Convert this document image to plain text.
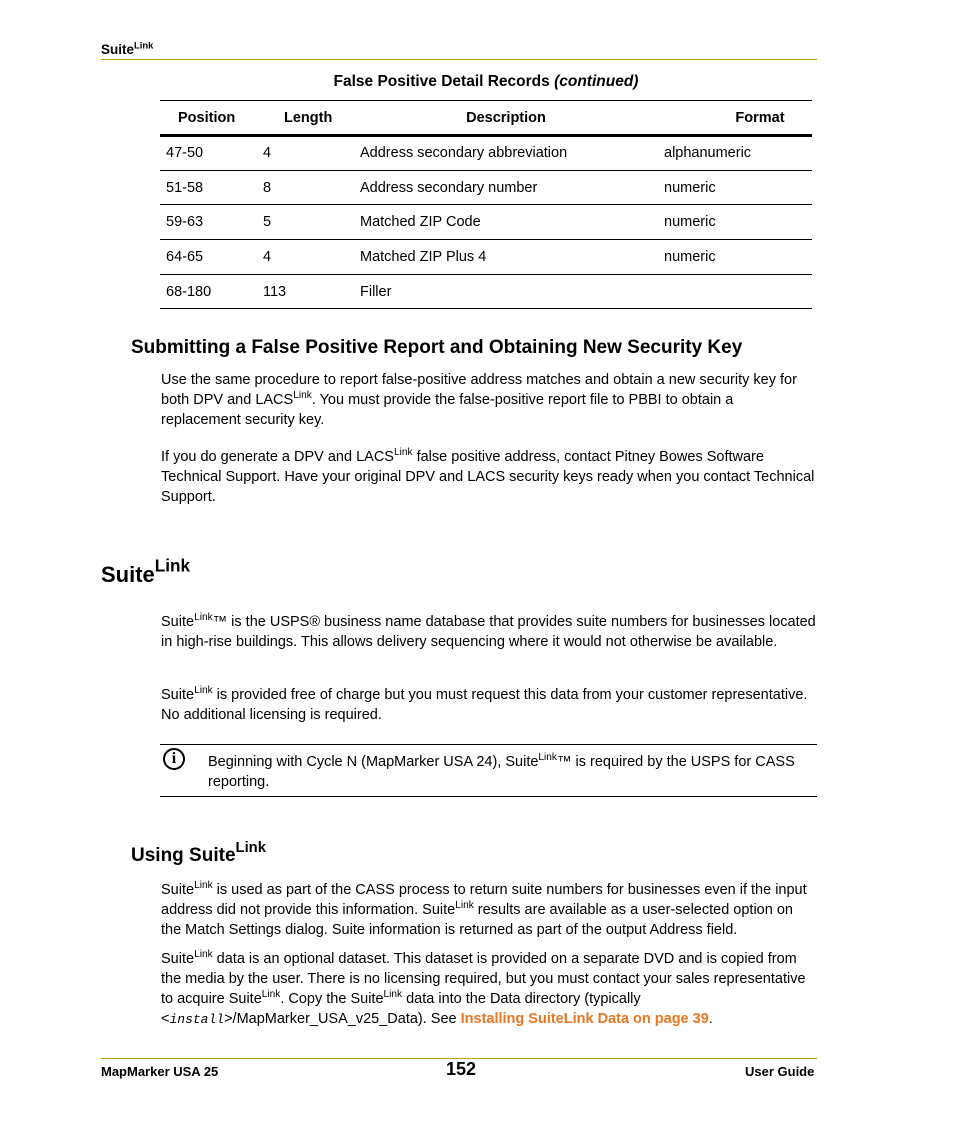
Suite$^{Link}$
False Positive Detail Records (continued)
Position	Length	Description	Format
47-50	4	Address secondary abbreviation	alphanumeric
51-58	8	Address secondary number	numeric
59-63	5	Matched ZIP Code	numeric
64-65	4	Matched ZIP Plus 4	numeric
68-180	113	Filler	
Submitting a False Positive Report and Obtaining New Security Key

Use the same procedure to report false-positive address matches and obtain a new security key for both DPV and $LACS^{Link}$. You must provide the false-positive report file to PBBI to obtain a replacement security key.

If you do generate a DPV and $LACS^{Link}$ false positive address, contact Pitney Bowes Software Technical Support. Have your original DPV and LACS security keys ready when you contact Technical Support.

Suite$^{Link}$

Suite$^{Link}$™ is the USPS® business name database that provides suite numbers for businesses located in high-rise buildings. This allows delivery sequencing where it would not otherwise be available.

Suite$^{Link}$ is provided free of charge but you must request this data from your customer representative. No additional licensing is required.

i	Beginning with Cycle N (MapMarker USA 24), Suite$^{Link}$™ is required by the USPS for CASS reporting.

Using Suite$^{Link}$

Suite$^{Link}$ is used as part of the CASS process to return suite numbers for businesses even if the input address did not provide this information. Suite$^{Link}$ results are available as a user-selected option on the Match Settings dialog. Suite information is returned as part of the output Address field.

Suite$^{Link}$ data is an optional dataset. This dataset is provided on a separate DVD and is copied from the media by the user. There is no licensing required, but you must contact your sales representative to acquire Suite$^{Link}$. Copy the Suite$^{Link}$ data into the Data directory (typically <install>/MapMarker_USA_v25_Data). See Installing SuiteLink Data on page 39.

MapMarker USA 25	152	User Guide
